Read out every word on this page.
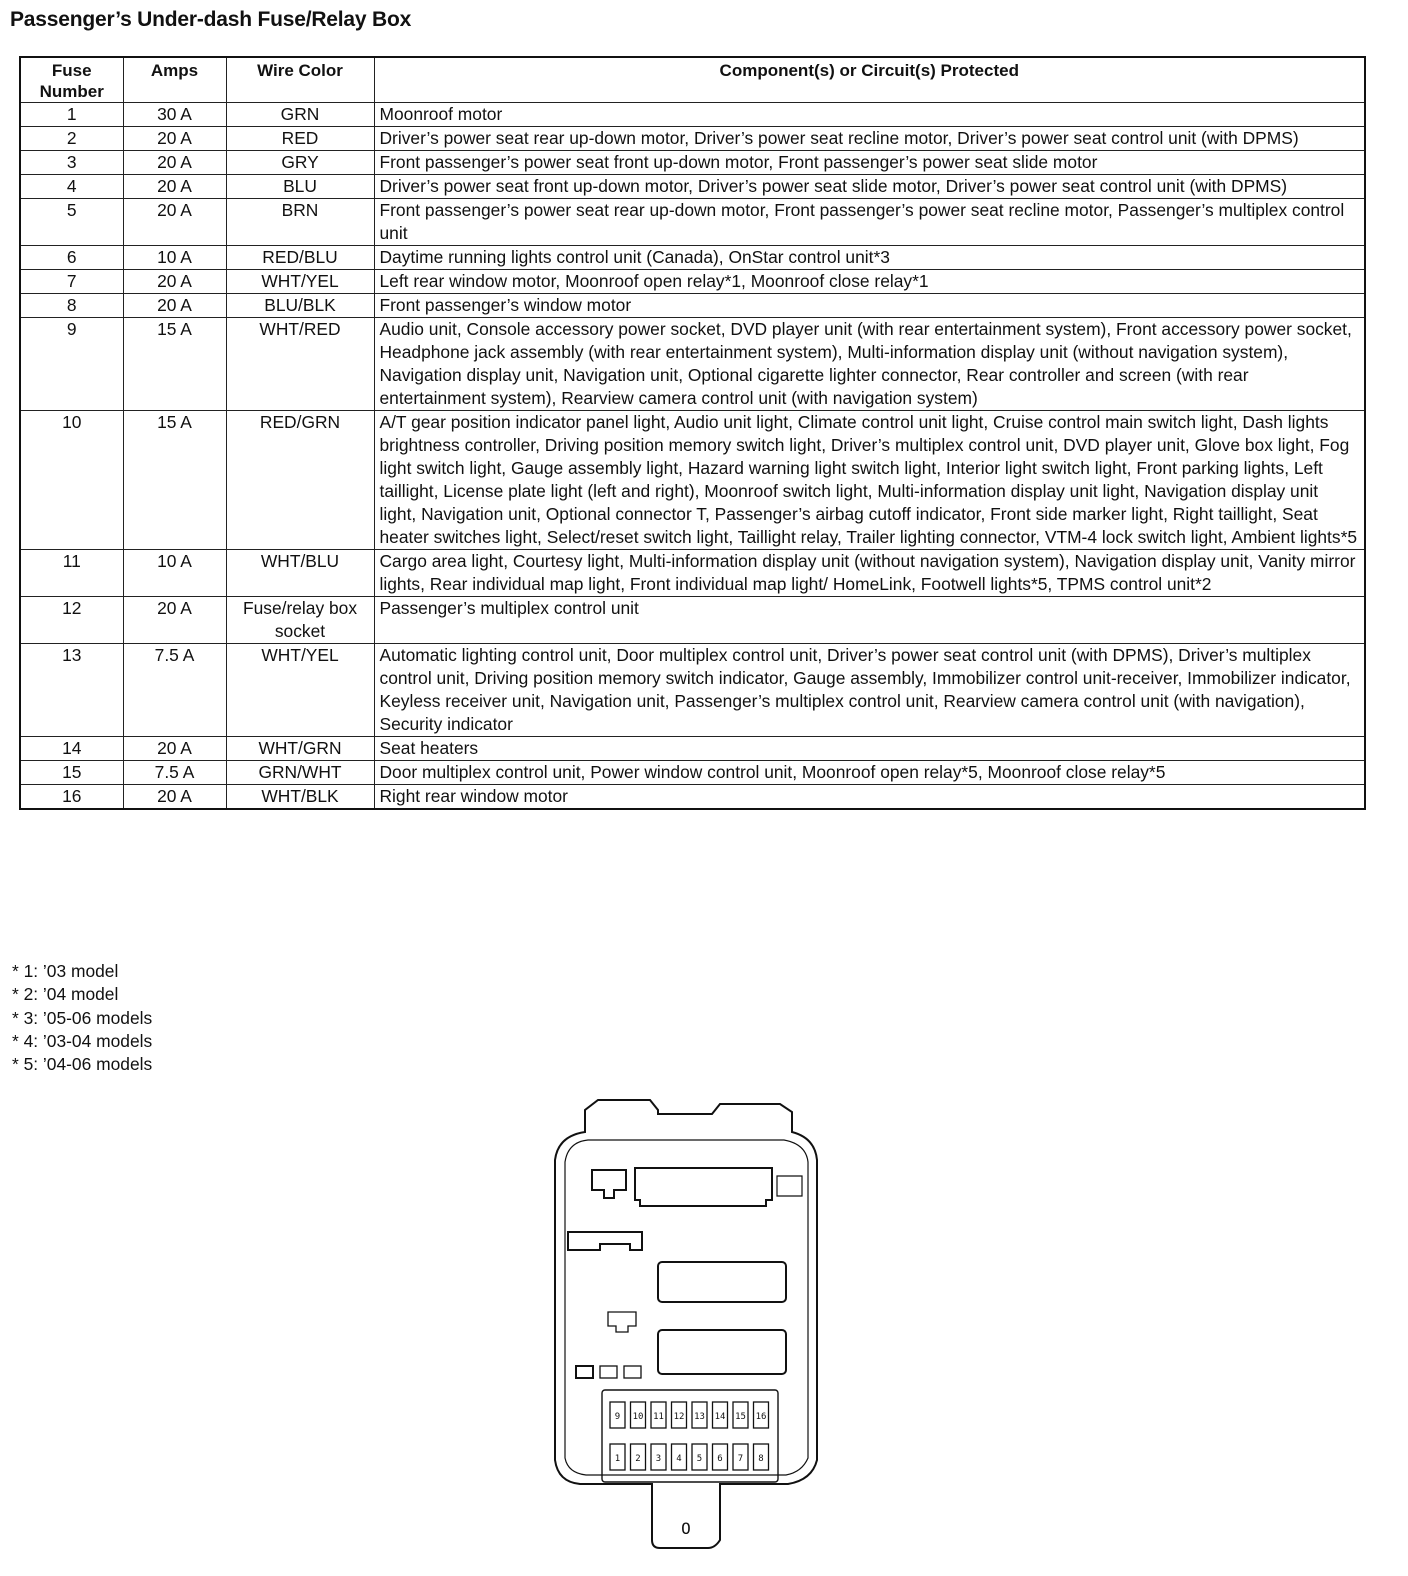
Passenger’s Under-dash Fuse/Relay Box
Fuse Number	Amps	Wire Color	Component(s) or Circuit(s) Protected
1	30 A	GRN	Moonroof motor
2	20 A	RED	Driver’s power seat rear up-down motor, Driver’s power seat recline motor, Driver’s power seat control unit (with DPMS)
3	20 A	GRY	Front passenger’s power seat front up-down motor, Front passenger’s power seat slide motor
4	20 A	BLU	Driver’s power seat front up-down motor, Driver’s power seat slide motor, Driver’s power seat control unit (with DPMS)
5	20 A	BRN	Front passenger’s power seat rear up-down motor, Front passenger’s power seat recline motor, Passenger’s multiplex control unit
6	10 A	RED/BLU	Daytime running lights control unit (Canada), OnStar control unit*3
7	20 A	WHT/YEL	Left rear window motor, Moonroof open relay*1, Moonroof close relay*1
8	20 A	BLU/BLK	Front passenger’s window motor
9	15 A	WHT/RED	Audio unit, Console accessory power socket, DVD player unit (with rear entertainment system), Front accessory power socket, Headphone jack assembly (with rear entertainment system), Multi-information display unit (without navigation system), Navigation display unit, Navigation unit, Optional cigarette lighter connector, Rear controller and screen (with rear entertainment system), Rearview camera control unit (with navigation system)
10	15 A	RED/GRN	A/T gear position indicator panel light, Audio unit light, Climate control unit light, Cruise control main switch light, Dash lights brightness controller, Driving position memory switch light, Driver’s multiplex control unit, DVD player unit, Glove box light, Fog light switch light, Gauge assembly light, Hazard warning light switch light, Interior light switch light, Front parking lights, Left taillight, License plate light (left and right), Moonroof switch light, Multi-information display unit light, Navigation display unit light, Navigation unit, Optional connector T, Passenger’s airbag cutoff indicator, Front side marker light, Right taillight, Seat heater switches light, Select/reset switch light, Taillight relay, Trailer lighting connector, VTM-4 lock switch light, Ambient lights*5
11	10 A	WHT/BLU	Cargo area light, Courtesy light, Multi-information display unit (without navigation system), Navigation display unit, Vanity mirror lights, Rear individual map light, Front individual map light/ HomeLink, Footwell lights*5, TPMS control unit*2
12	20 A	Fuse/relay box socket	Passenger’s multiplex control unit
13	7.5 A	WHT/YEL	Automatic lighting control unit, Door multiplex control unit, Driver’s power seat control unit (with DPMS), Driver’s multiplex control unit, Driving position memory switch indicator, Gauge assembly, Immobilizer control unit-receiver, Immobilizer indicator, Keyless receiver unit, Navigation unit, Passenger’s multiplex control unit, Rearview camera control unit (with navigation), Security indicator
14	20 A	WHT/GRN	Seat heaters
15	7.5 A	GRN/WHT	Door multiplex control unit, Power window control unit, Moonroof open relay*5, Moonroof close relay*5
16	20 A	WHT/BLK	Right rear window motor
* 1: ’03 model
* 2: ’04 model
* 3: ’05-06 models
* 4: ’03-04 models
* 5: ’04-06 models
9 10 11 12 13 14 15 16
1 2 3 4 5 6 7 8
O
